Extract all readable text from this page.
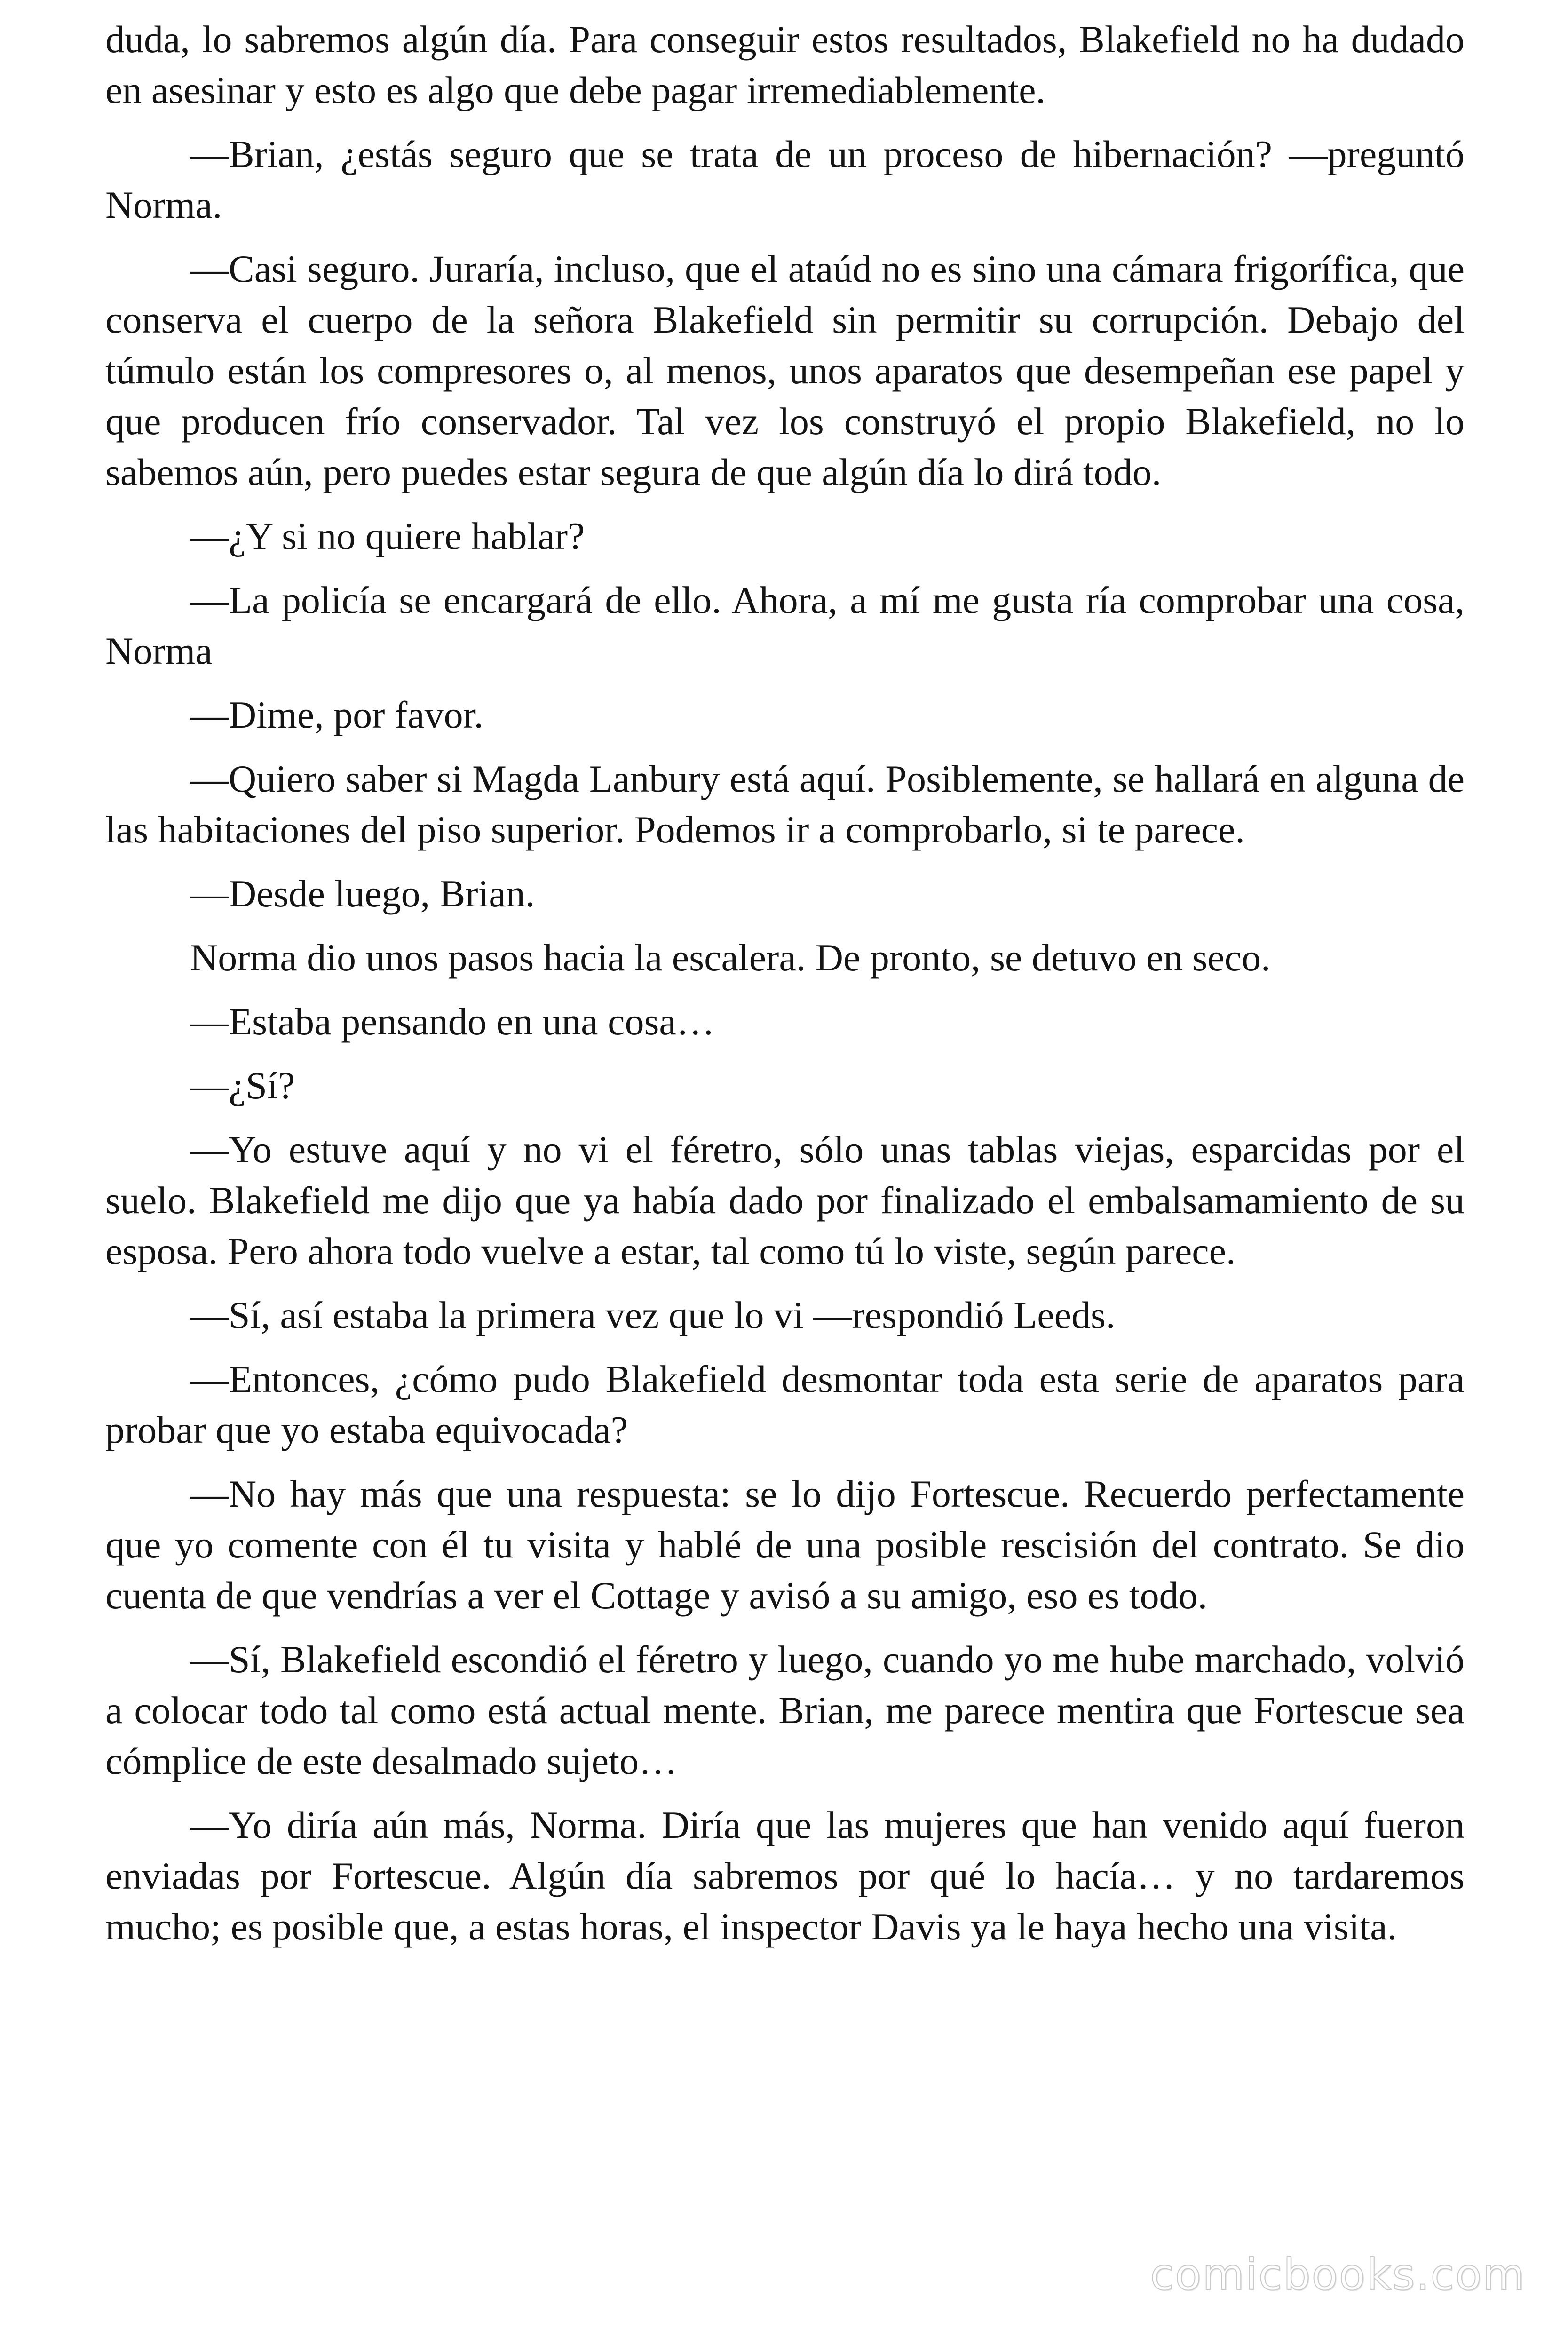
duda, lo sabremos algún día. Para conseguir estos resultados, Blakefield no ha dudado en asesinar y esto es algo que debe pagar irremediablemente.

—Brian, ¿estás seguro que se trata de un proceso de hibernación? —preguntó Norma.

—Casi seguro. Juraría, incluso, que el ataúd no es sino una cámara frigorífica, que conserva el cuerpo de la señora Blakefield sin permitir su corrupción. Debajo del túmulo están los compresores o, al menos, unos aparatos que desempeñan ese papel y que producen frío conservador. Tal vez los construyó el propio Blakefield, no lo sabemos aún, pero puedes estar segura de que algún día lo dirá todo.

—¿Y si no quiere hablar?

—La policía se encargará de ello. Ahora, a mí me gusta ría comprobar una cosa, Norma

—Dime, por favor.

—Quiero saber si Magda Lanbury está aquí. Posiblemente, se hallará en alguna de las habitaciones del piso superior. Podemos ir a comprobarlo, si te parece.

—Desde luego, Brian.

Norma dio unos pasos hacia la escalera. De pronto, se detuvo en seco.

—Estaba pensando en una cosa…

—¿Sí?

—Yo estuve aquí y no vi el féretro, sólo unas tablas viejas, esparcidas por el suelo. Blakefield me dijo que ya había dado por finalizado el embalsamamiento de su esposa. Pero ahora todo vuelve a estar, tal como tú lo viste, según parece.

—Sí, así estaba la primera vez que lo vi —respondió Leeds.

—Entonces, ¿cómo pudo Blakefield desmontar toda esta serie de aparatos para probar que yo estaba equivocada?

—No hay más que una respuesta: se lo dijo Fortescue. Recuerdo perfectamente que yo comente con él tu visita y hablé de una posible rescisión del contrato. Se dio cuenta de que vendrías a ver el Cottage y avisó a su amigo, eso es todo.

—Sí, Blakefield escondió el féretro y luego, cuando yo me hube marchado, volvió a colocar todo tal como está actual mente. Brian, me parece mentira que Fortescue sea cómplice de este desalmado sujeto…

—Yo diría aún más, Norma. Diría que las mujeres que han venido aquí fueron enviadas por Fortescue. Algún día sabremos por qué lo hacía… y no tardaremos mucho; es posible que, a estas horas, el inspector Davis ya le haya hecho una visita.

comicbooks.com
